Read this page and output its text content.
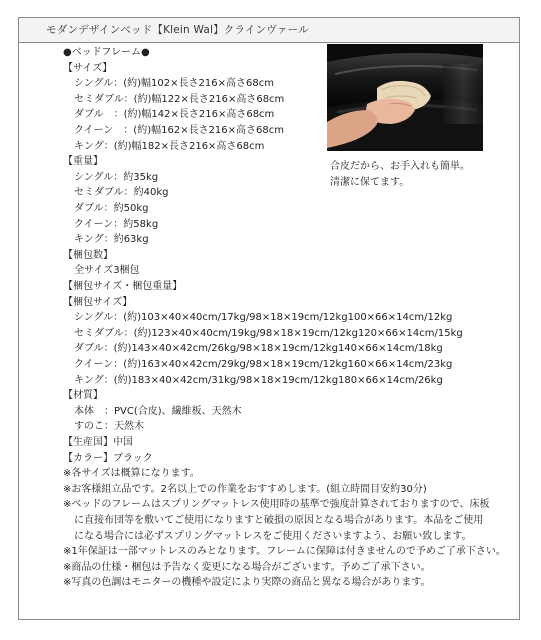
モダンデザインベッド【Klein Wal】クラインヴァール
合皮だから、お手入れも簡単。
清潔に保てます。
●ベッドフレーム●
【サイズ】
シングル：(約)幅102×長さ216×高さ68cm
セミダブル：(約)幅122×長さ216×高さ68cm
ダブル　：(約)幅142×長さ216×高さ68cm
クイーン　：(約)幅162×長さ216×高さ68cm
キング：(約)幅182×長さ216×高さ68cm
【重量】
シングル：約35kg
セミダブル：約40kg
ダブル：約50kg
クイーン：約58kg
キング：約63kg
【梱包数】
全サイズ3梱包
【梱包サイズ・梱包重量】
【梱包サイズ】
シングル：(約)103×40×40cm/17kg/98×18×19cm/12kg100×66×14cm/12kg
セミダブル：(約)123×40×40cm/19kg/98×18×19cm/12kg120×66×14cm/15kg
ダブル：(約)143×40×42cm/26kg/98×18×19cm/12kg140×66×14cm/18kg
クイーン：(約)163×40×42cm/29kg/98×18×19cm/12kg160×66×14cm/23kg
キング：(約)183×40×42cm/31kg/98×18×19cm/12kg180×66×14cm/26kg
【材質】
本体　：PVC(合皮)、繊維板、天然木
すのこ：天然木
【生産国】中国
【カラー】ブラック
※各サイズは概算になります。
※お客様組立品です。2名以上での作業をおすすめします。(組立時間目安約30分)
※ベッドのフレームはスプリングマットレス使用時の基準で強度計算されておりますので、床板
に直接布団等を敷いてご使用になりますと破損の原因となる場合があります。本品をご使用
になる場合には必ずスプリングマットレスをご使用くださいますよう、お願い致します。
※1年保証は一部マットレスのみとなります。フレームに保障は付きませんので予めご了承下さい。
※商品の仕様・梱包は予告なく変更になる場合がございます。予めご了承下さい。
※写真の色調はモニターの機種や設定により実際の商品と異なる場合があります。
